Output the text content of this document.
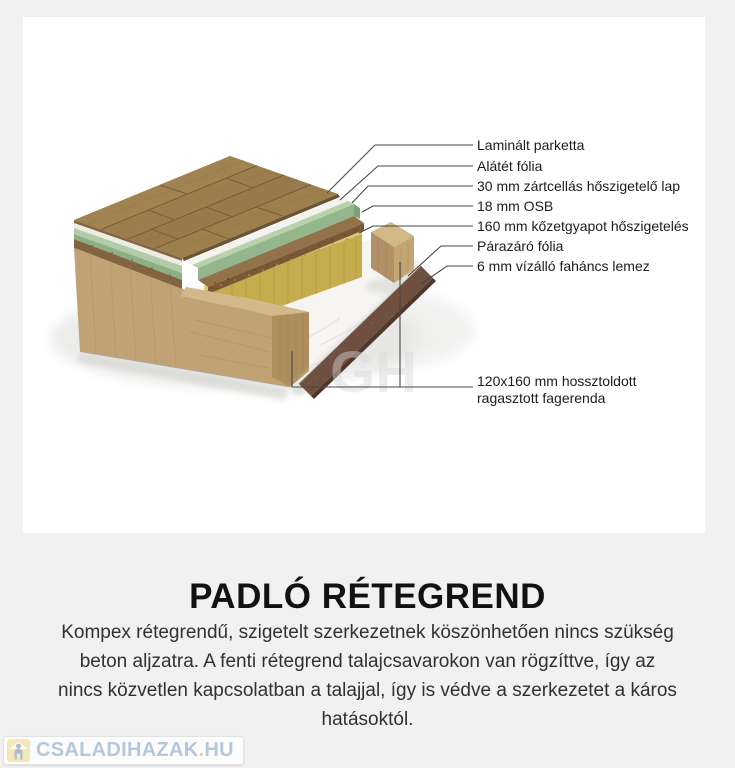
GH
Laminált parketta
Alátét fólia
30 mm zártcellás hőszigetelő lap
18 mm OSB
160 mm kőzetgyapot hőszigetelés
Párazáró fólia
6 mm vízálló faháncs lemez
120x160 mm hossztoldott
ragasztott fagerenda
PADLÓ RÉTEGREND
Kompex rétegrendű, szigetelt szerkezetnek köszönhetően nincs szükség
beton aljzatra. A fenti rétegrend talajcsavarokon van rögzíttve, így az
nincs közvetlen kapcsolatban a talajjal, így is védve a szerkezetet a káros
hatásoktól.
CSALADIHAZAK.HU
